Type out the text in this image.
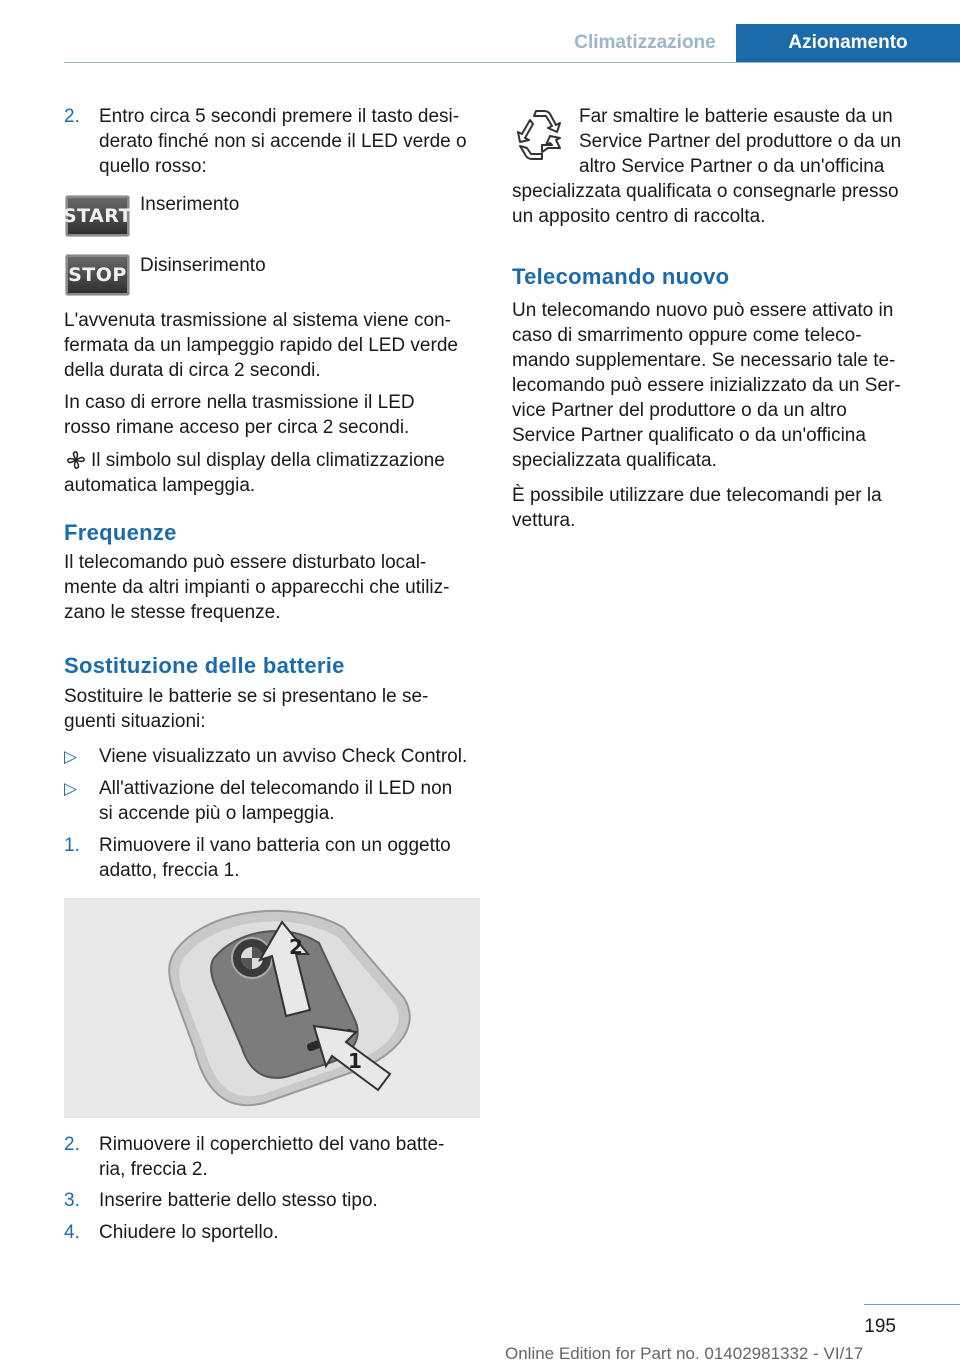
Climatizzazione	Azionamento
2. Entro circa 5 secondi premere il tasto desi-
derato finché non si accende il LED verde o
quello rosso:
START

Inserimento

STOP Disinserimento

L'avvenuta trasmissione al sistema viene con-

fermata da un lampeggio rapido del LED verde

della durata di circa 2 secondi.

In caso di errore nella trasmissione il LED

rosso rimane acceso per circa 2 secondi.

Il simbolo sul display della climatizzazione

automatica lampeggia.

Frequenze

Il telecomando può essere disturbato local-

mente da altri impianti o apparecchi che utiliz-

zano le stesse frequenze.

Sostituzione delle batterie

Sostituire le batterie se si presentano le se-

guenti situazioni:

▷ Viene visualizzato un avviso Check Control.
▷ All'attivazione del telecomando il LED non
si accende più o lampeggia.
1. Rimuovere il vano batteria con un oggetto
adatto, freccia 1.
2
1
2. Rimuovere il coperchietto del vano batte-
ria, freccia 2.
3. Inserire batterie dello stesso tipo.
4. Chiudere lo sportello.

Far smaltire le batterie esauste da un

Service Partner del produttore o da un

altro Service Partner o da un'officina

specializzata qualificata o consegnarle presso

un apposito centro di raccolta.

Telecomando nuovo

Un telecomando nuovo può essere attivato in

caso di smarrimento oppure come teleco-

mando supplementare. Se necessario tale te-

lecomando può essere inizializzato da un Ser-

vice Partner del produttore o da un altro

Service Partner qualificato o da un'officina

specializzata qualificata.

È possibile utilizzare due telecomandi per la

vettura.

195
Online Edition for Part no. 01402981332 - VI/17
